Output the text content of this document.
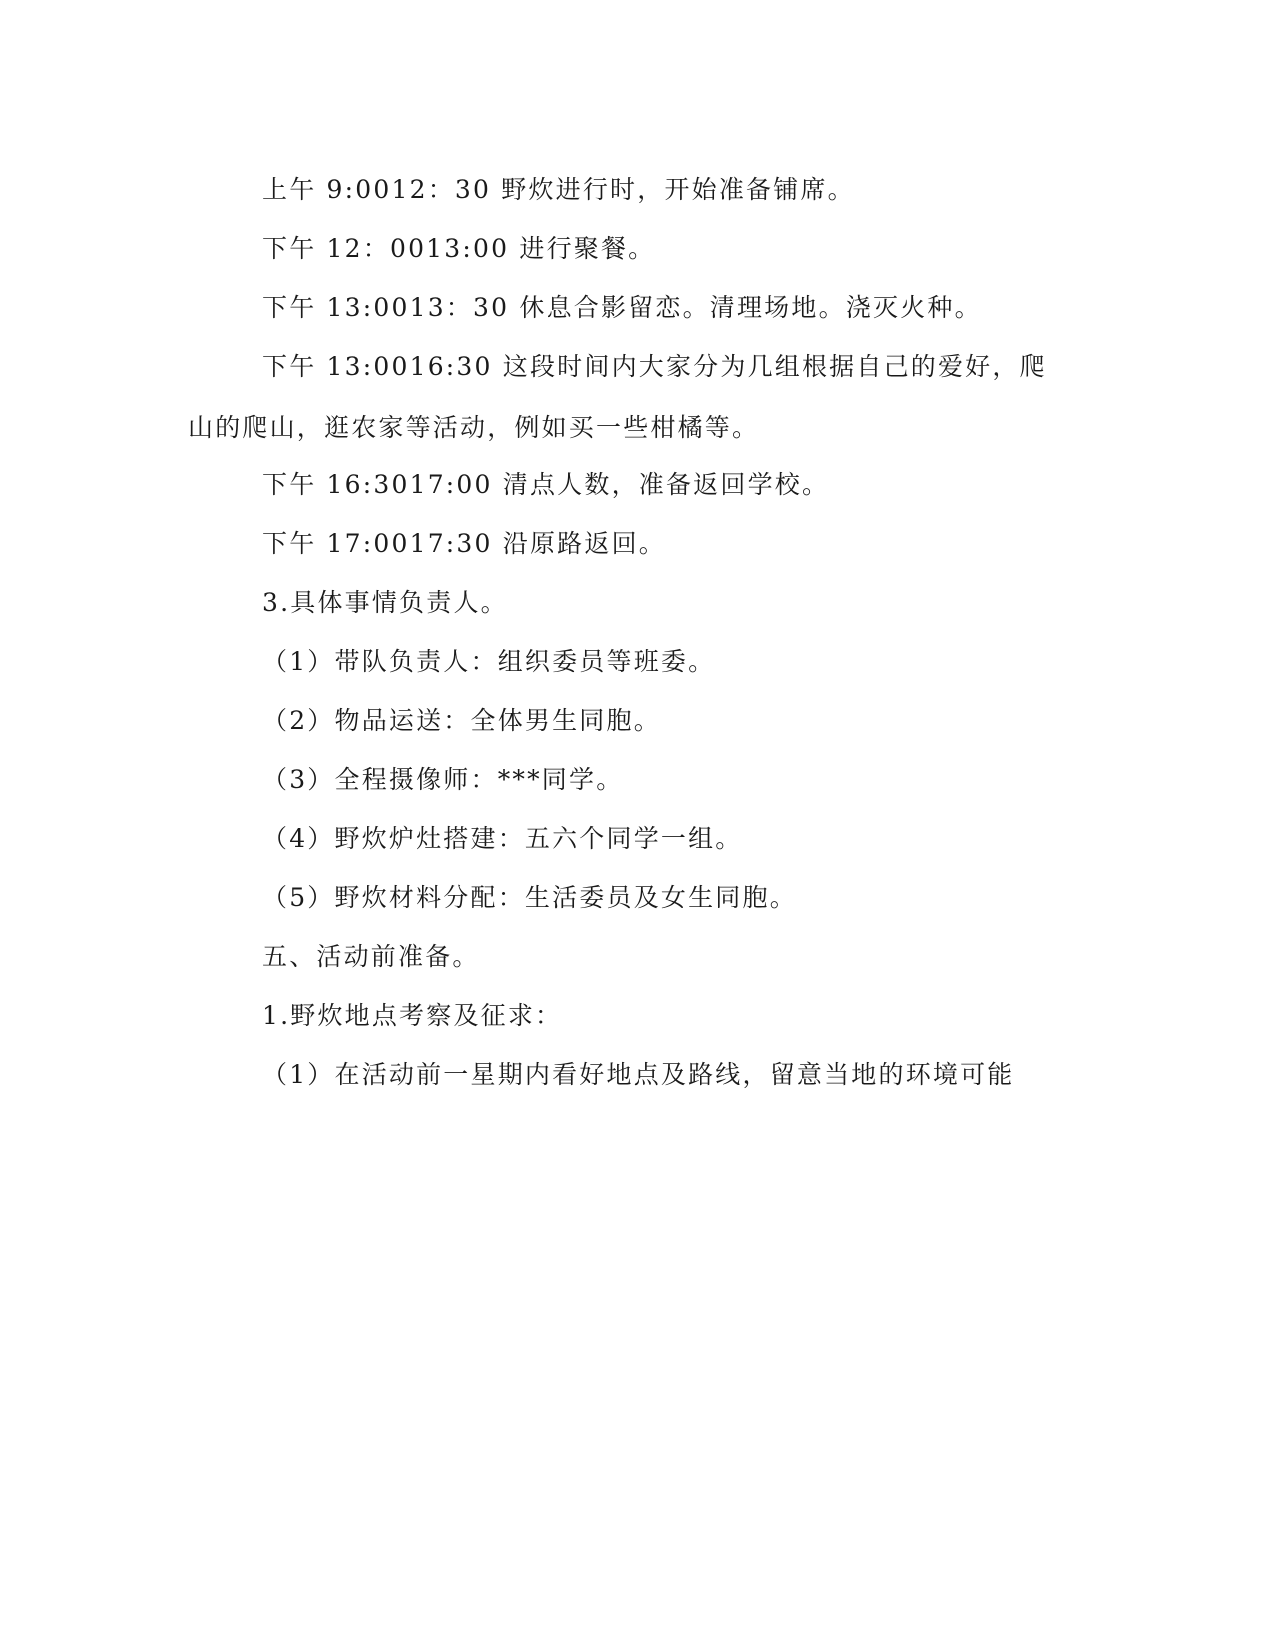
上午 9:0012：30 野炊进行时，开始准备铺席。

下午 12：0013:00 进行聚餐。

下午 13:0013：30 休息合影留恋。清理场地。浇灭火种。

下午 13:0016:30 这段时间内大家分为几组根据自己的爱好，爬山的爬山，逛农家等活动，例如买一些柑橘等。

下午 16:3017:00 清点人数，准备返回学校。

下午 17:0017:30 沿原路返回。

3.具体事情负责人。

（1）带队负责人：组织委员等班委。

（2）物品运送：全体男生同胞。

（3）全程摄像师：***同学。

（4）野炊炉灶搭建：五六个同学一组。

（5）野炊材料分配：生活委员及女生同胞。

五、活动前准备。

1.野炊地点考察及征求：

（1）在活动前一星期内看好地点及路线，留意当地的环境可能
